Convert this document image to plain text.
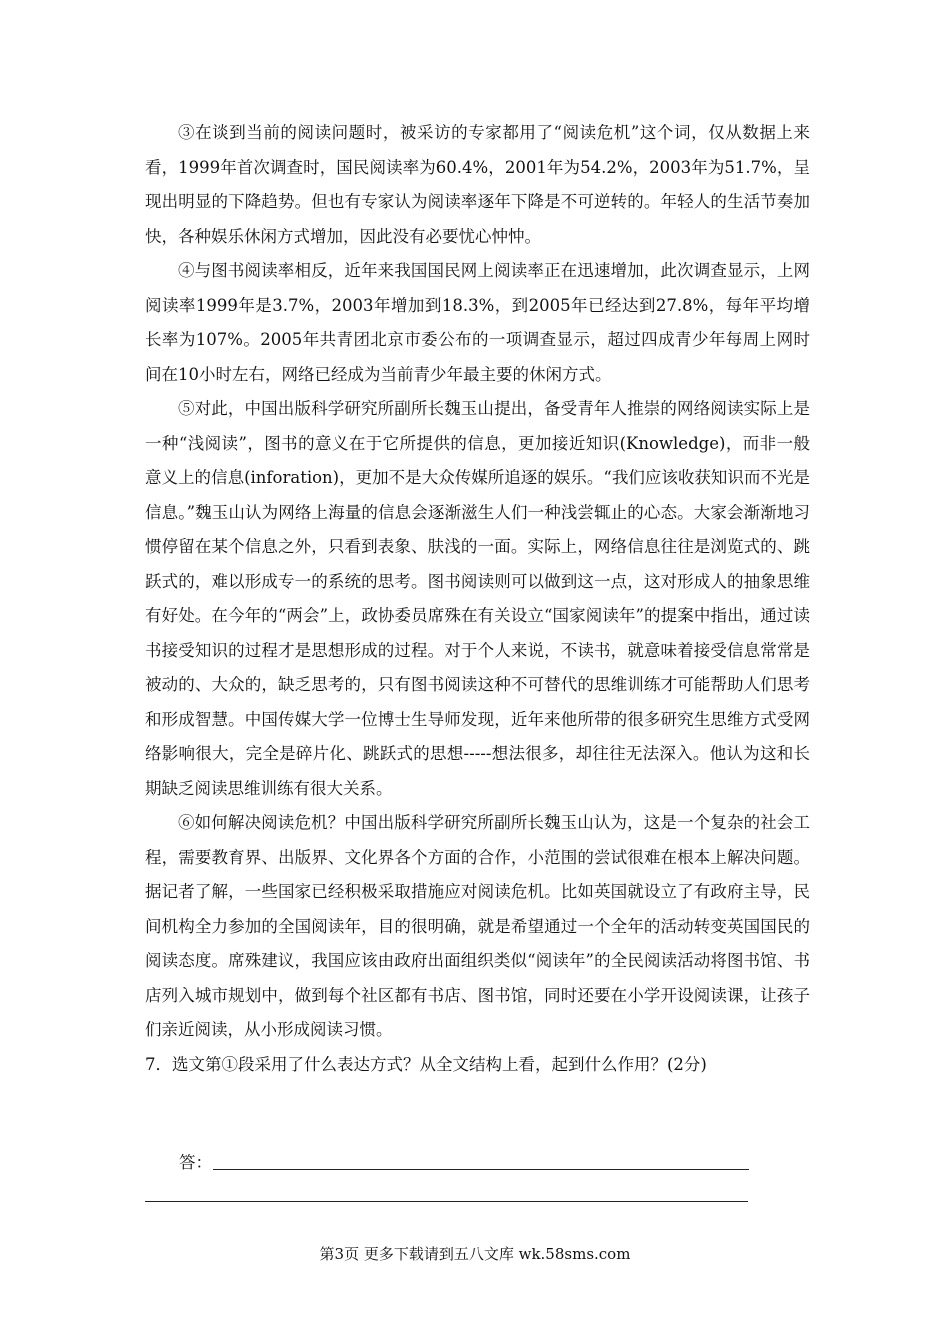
③在谈到当前的阅读问题时，被采访的专家都用了“阅读危机”这个词，仅从数据上来看，1999年首次调查时，国民阅读率为60.4%，2001年为54.2%，2003年为51.7%，呈现出明显的下降趋势。但也有专家认为阅读率逐年下降是不可逆转的。年轻人的生活节奏加快，各种娱乐休闲方式增加，因此没有必要忧心忡忡。

④与图书阅读率相反，近年来我国国民网上阅读率正在迅速增加，此次调查显示，上网阅读率1999年是3.7%，2003年增加到18.3%，到2005年已经达到27.8%，每年平均增长率为107%。2005年共青团北京市委公布的一项调查显示，超过四成青少年每周上网时间在10小时左右，网络已经成为当前青少年最主要的休闲方式。

⑤对此，中国出版科学研究所副所长魏玉山提出，备受青年人推崇的网络阅读实际上是一种“浅阅读”，图书的意义在于它所提供的信息，更加接近知识(Knowledge)，而非一般意义上的信息(inforation)，更加不是大众传媒所追逐的娱乐。“我们应该收获知识而不光是信息。”魏玉山认为网络上海量的信息会逐渐滋生人们一种浅尝辄止的心态。大家会渐渐地习惯停留在某个信息之外，只看到表象、肤浅的一面。实际上，网络信息往往是浏览式的、跳跃式的，难以形成专一的系统的思考。图书阅读则可以做到这一点，这对形成人的抽象思维有好处。在今年的“两会”上，政协委员席殊在有关设立“国家阅读年”的提案中指出，通过读书接受知识的过程才是思想形成的过程。对于个人来说，不读书，就意味着接受信息常常是被动的、大众的，缺乏思考的，只有图书阅读这种不可替代的思维训练才可能帮助人们思考和形成智慧。中国传媒大学一位博士生导师发现，近年来他所带的很多研究生思维方式受网络影响很大，完全是碎片化、跳跃式的思想-----想法很多，却往往无法深入。他认为这和长期缺乏阅读思维训练有很大关系。

⑥如何解决阅读危机？中国出版科学研究所副所长魏玉山认为，这是一个复杂的社会工程，需要教育界、出版界、文化界各个方面的合作，小范围的尝试很难在根本上解决问题。据记者了解，一些国家已经积极采取措施应对阅读危机。比如英国就设立了有政府主导，民间机构全力参加的全国阅读年，目的很明确，就是希望通过一个全年的活动转变英国国民的阅读态度。席殊建议，我国应该由政府出面组织类似“阅读年”的全民阅读活动将图书馆、书店列入城市规划中，做到每个社区都有书店、图书馆，同时还要在小学开设阅读课，让孩子们亲近阅读，从小形成阅读习惯。

7．选文第①段采用了什么表达方式？从全文结构上看，起到什么作用？(2分)

答：
第3页 更多下载请到五八文库 wk.58sms.com
